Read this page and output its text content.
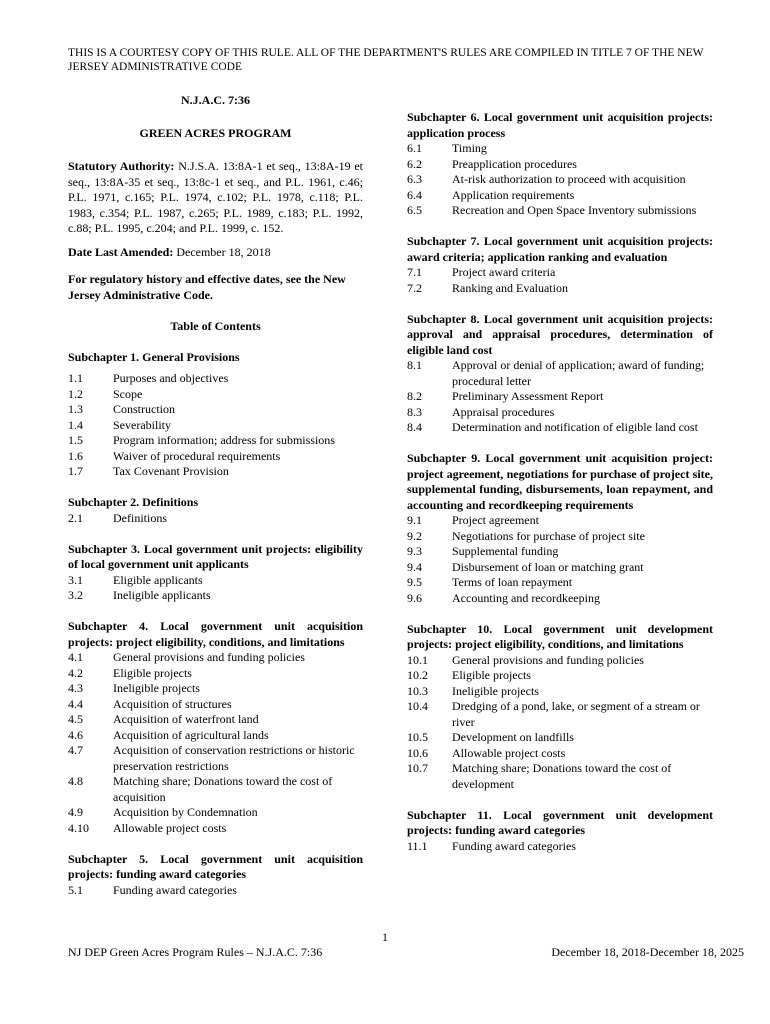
THIS IS A COURTESY COPY OF THIS RULE. ALL OF THE DEPARTMENT'S RULES ARE COMPILED IN TITLE 7 OF THE NEW JERSEY ADMINISTRATIVE CODE
N.J.A.C. 7:36
GREEN ACRES PROGRAM
Statutory Authority: N.J.S.A. 13:8A-1 et seq., 13:8A-19 et seq., 13:8A-35 et seq., 13:8c-1 et seq., and P.L. 1961, c.46; P.L. 1971, c.165; P.L. 1974, c.102; P.L. 1978, c.118; P.L. 1983, c.354; P.L. 1987, c.265; P.L. 1989, c.183; P.L. 1992, c.88; P.L. 1995, c.204; and P.L. 1999, c. 152.
Date Last Amended: December 18, 2018
For regulatory history and effective dates, see the New Jersey Administrative Code.
Table of Contents
Subchapter 1. General Provisions
1.1	Purposes and objectives
1.2	Scope
1.3	Construction
1.4	Severability
1.5	Program information; address for submissions
1.6	Waiver of procedural requirements
1.7	Tax Covenant Provision
Subchapter 2. Definitions
2.1	Definitions
Subchapter 3. Local government unit projects: eligibility of local government unit applicants
3.1	Eligible applicants
3.2	Ineligible applicants
Subchapter 4. Local government unit acquisition projects: project eligibility, conditions, and limitations
4.1	General provisions and funding policies
4.2	Eligible projects
4.3	Ineligible projects
4.4	Acquisition of structures
4.5	Acquisition of waterfront land
4.6	Acquisition of agricultural lands
4.7	Acquisition of conservation restrictions or historic preservation restrictions
4.8	Matching share; Donations toward the cost of acquisition
4.9	Acquisition by Condemnation
4.10	Allowable project costs
Subchapter 5. Local government unit acquisition projects: funding award categories
5.1	Funding award categories
Subchapter 6. Local government unit acquisition projects: application process
6.1	Timing
6.2	Preapplication procedures
6.3	At-risk authorization to proceed with acquisition
6.4	Application requirements
6.5	Recreation and Open Space Inventory submissions
Subchapter 7. Local government unit acquisition projects: award criteria; application ranking and evaluation
7.1	Project award criteria
7.2	Ranking and Evaluation
Subchapter 8. Local government unit acquisition projects: approval and appraisal procedures, determination of eligible land cost
8.1	Approval or denial of application; award of funding; procedural letter
8.2	Preliminary Assessment Report
8.3	Appraisal procedures
8.4	Determination and notification of eligible land cost
Subchapter 9. Local government unit acquisition project: project agreement, negotiations for purchase of project site, supplemental funding, disbursements, loan repayment, and accounting and recordkeeping requirements
9.1	Project agreement
9.2	Negotiations for purchase of project site
9.3	Supplemental funding
9.4	Disbursement of loan or matching grant
9.5	Terms of loan repayment
9.6	Accounting and recordkeeping
Subchapter 10. Local government unit development projects: project eligibility, conditions, and limitations
10.1	General provisions and funding policies
10.2	Eligible projects
10.3	Ineligible projects
10.4	Dredging of a pond, lake, or segment of a stream or river
10.5	Development on landfills
10.6	Allowable project costs
10.7	Matching share; Donations toward the cost of development
Subchapter 11. Local government unit development projects: funding award categories
11.1	Funding award categories
1
NJ DEP Green Acres Program Rules – N.J.A.C. 7:36	December 18, 2018-December 18, 2025
